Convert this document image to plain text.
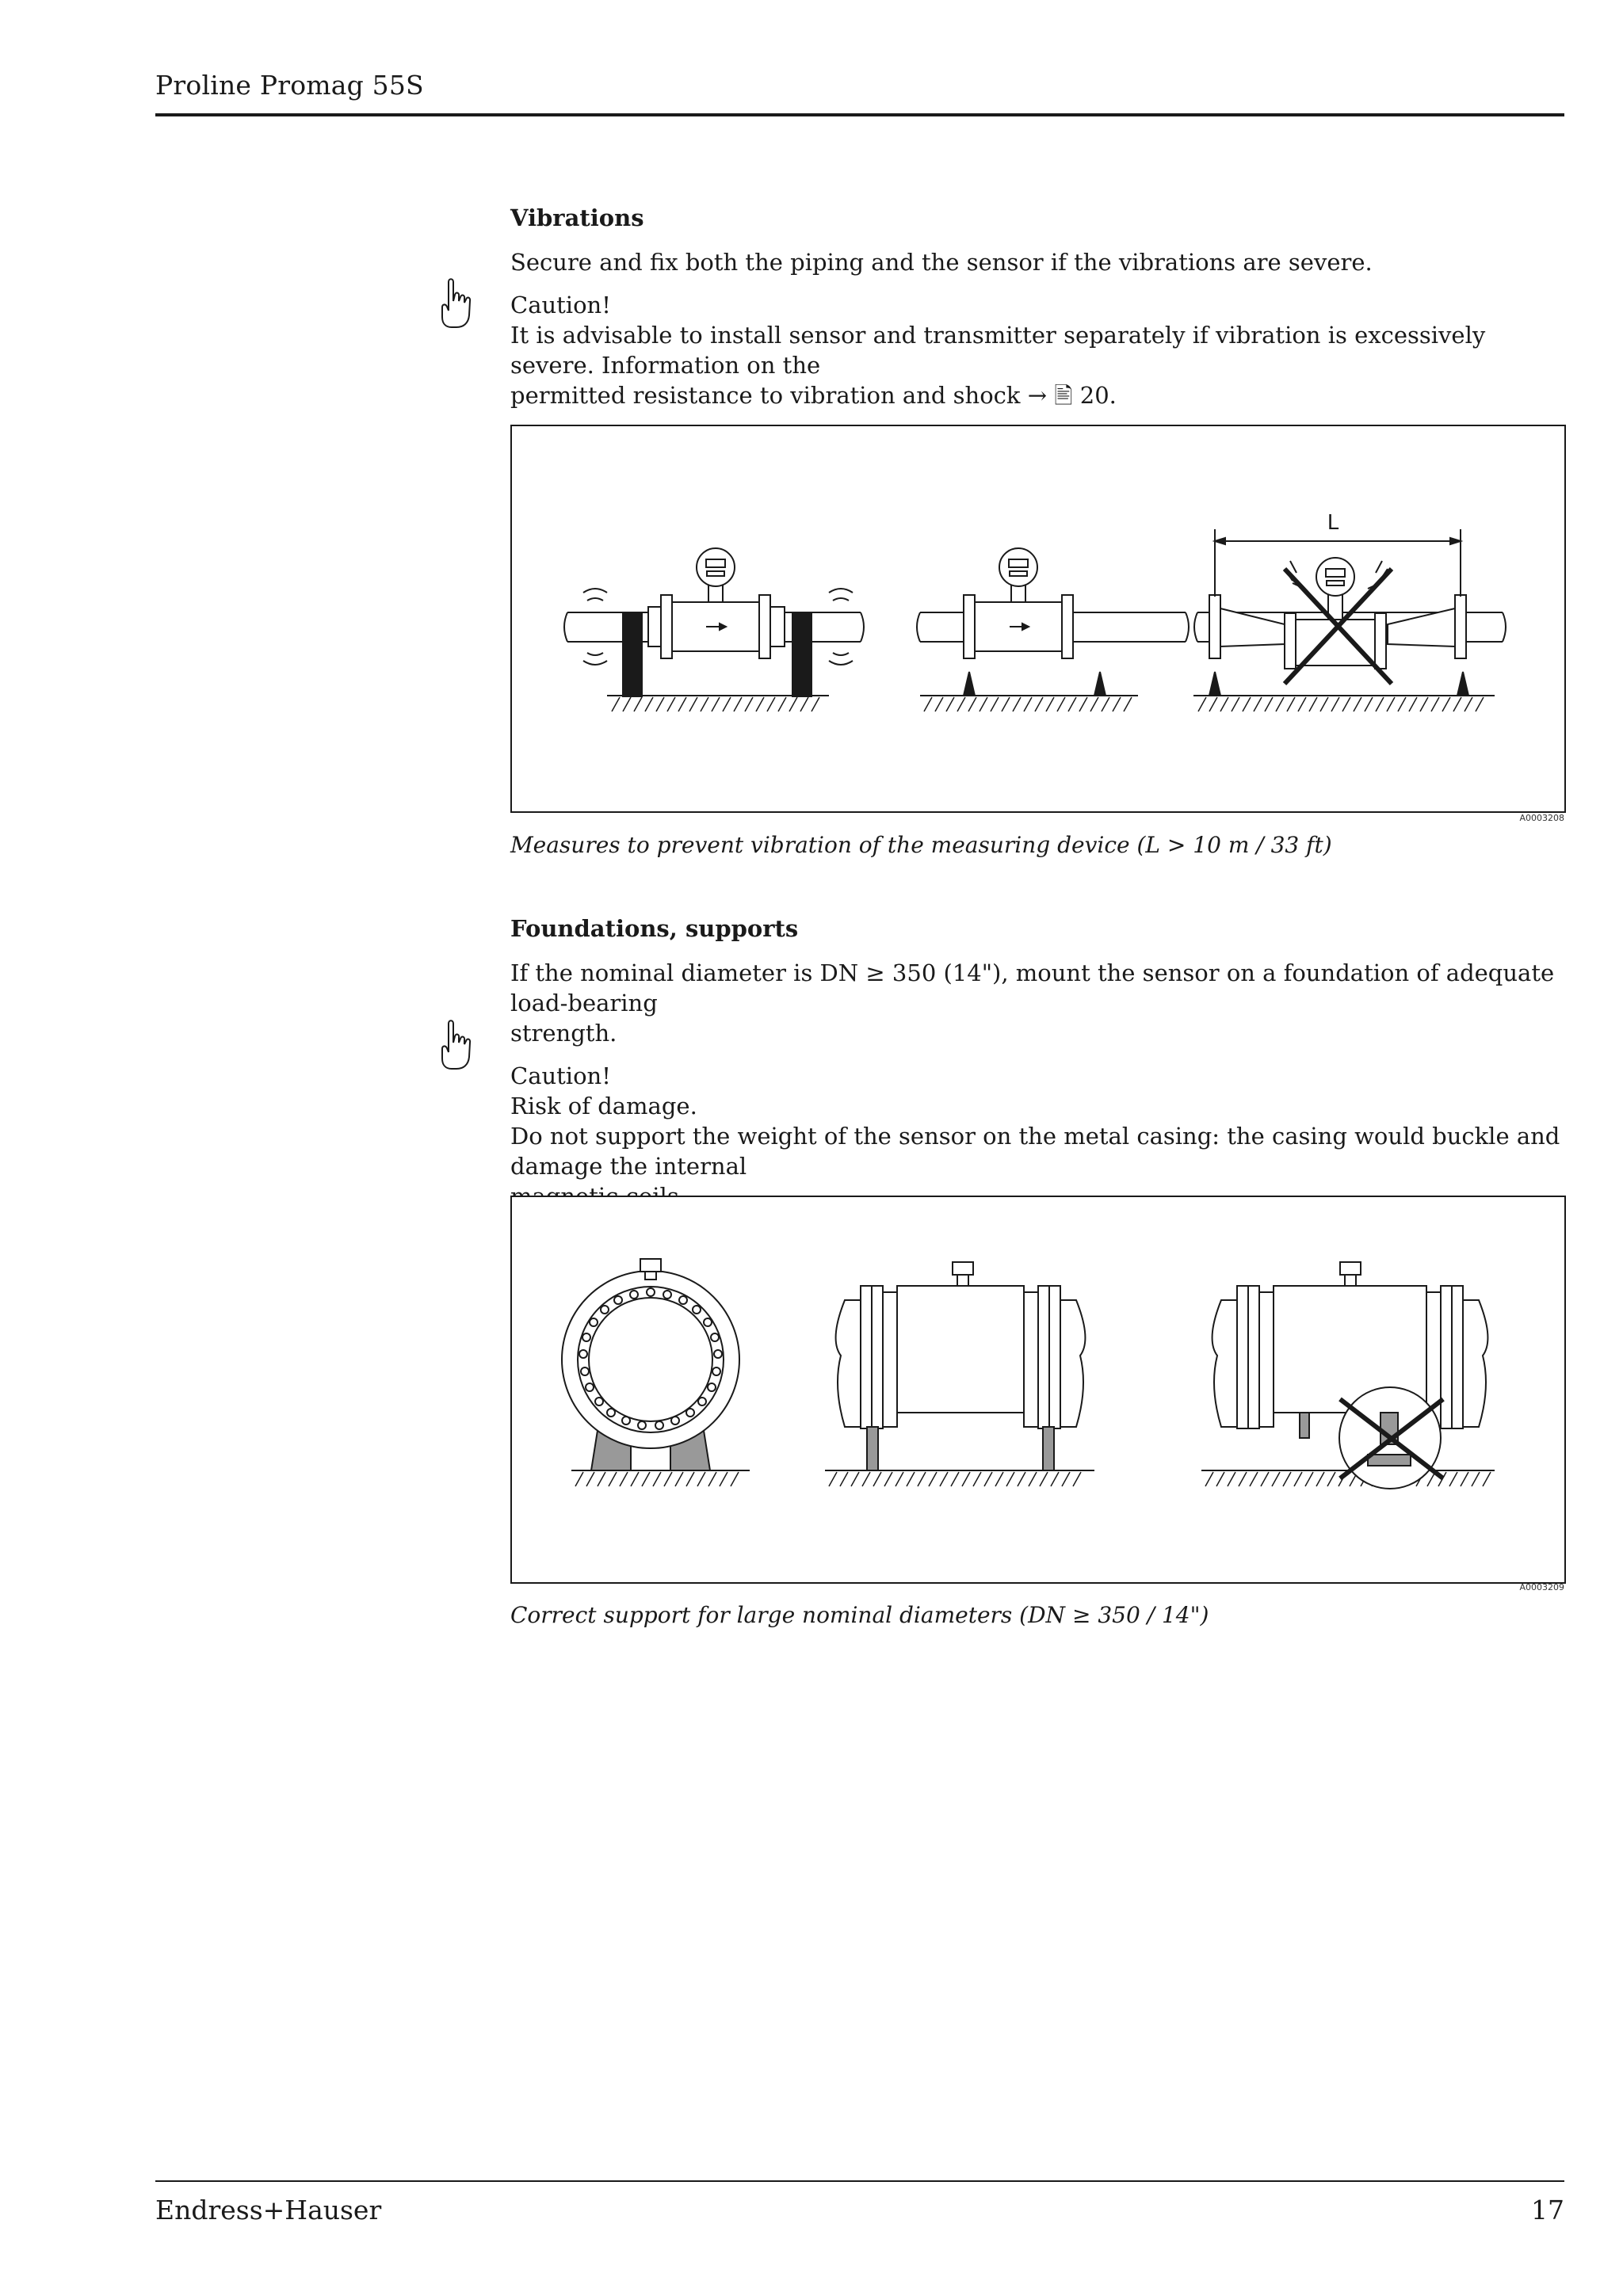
Proline Promag 55S
Vibrations

Secure and fix both the piping and the sensor if the vibrations are severe.

Caution!

It is advisable to install sensor and transmitter separately if vibration is excessively severe. Information on the

permitted resistance to vibration and shock → 🖹 20.

L
A0003208
Measures to prevent vibration of the measuring device (L > 10 m / 33 ft)
Foundations, supports

If the nominal diameter is DN ≥ 350 (14"), mount the sensor on a foundation of adequate load-bearing

strength.

Caution!

Risk of damage.

Do not support the weight of the sensor on the metal casing: the casing would buckle and damage the internal

A0003209
Correct support for large nominal diameters (DN ≥ 350 / 14")
Endress+Hauser	17
